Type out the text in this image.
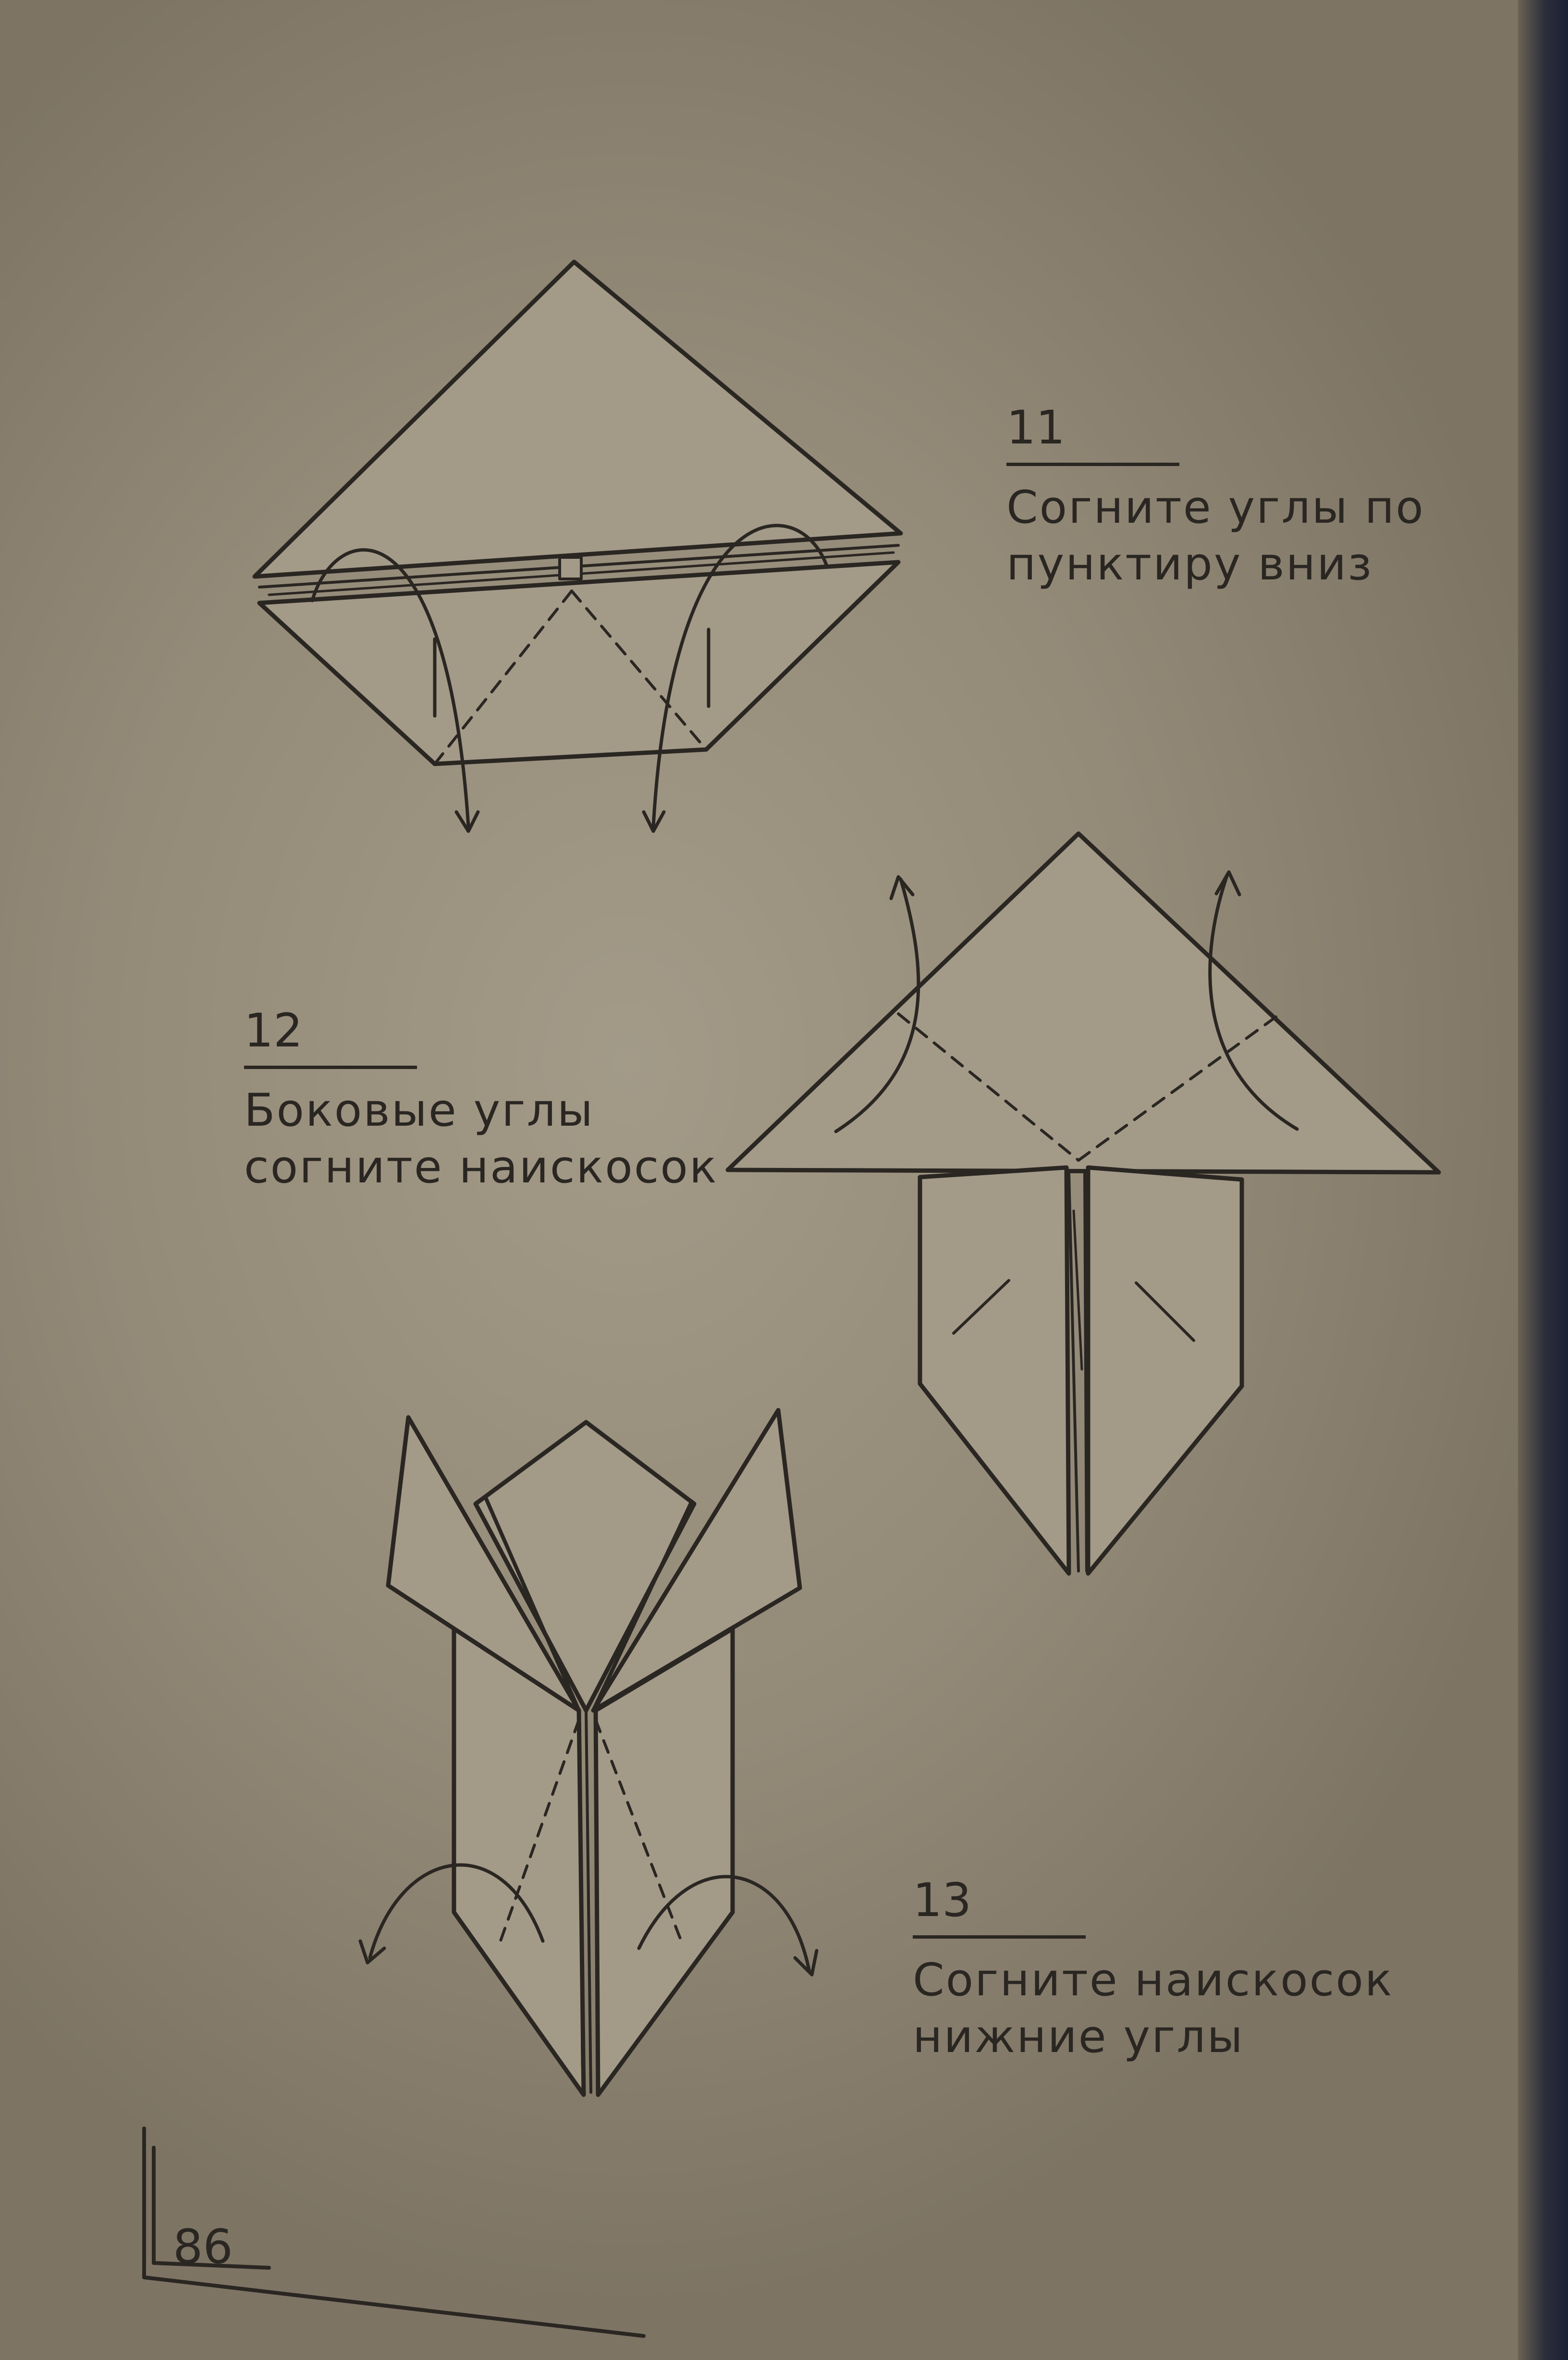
11
Согните углы по
пунктиру вниз
12
Боковые углы
согните наискосок
13
Согните наискосок
нижние углы
86
